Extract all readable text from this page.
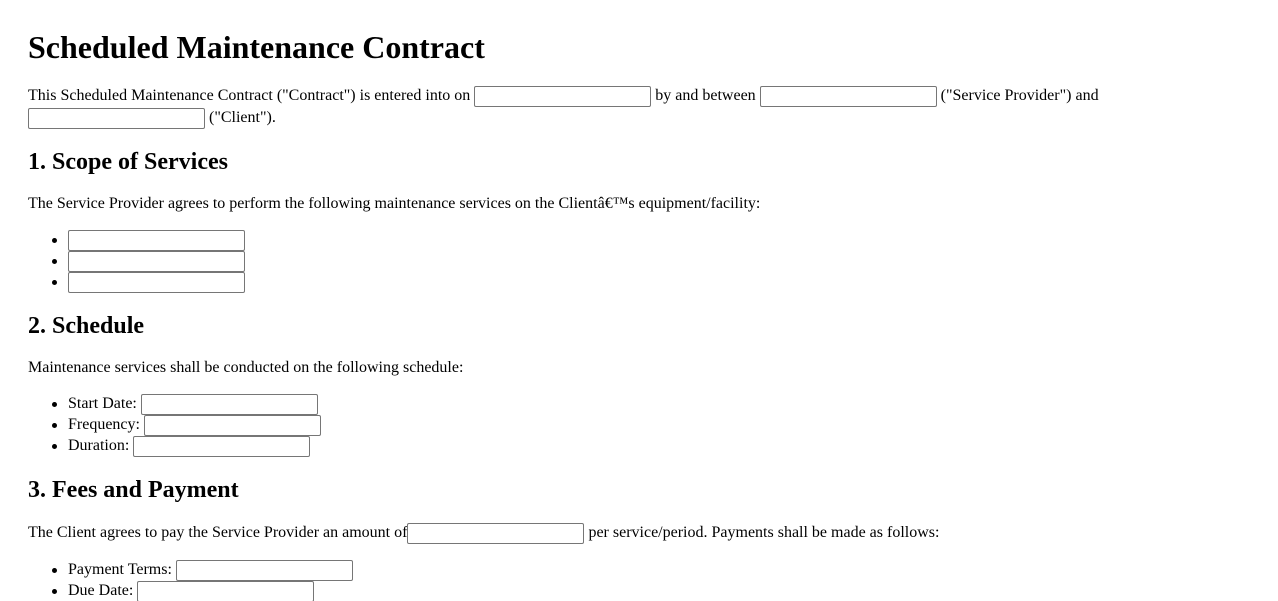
Scheduled Maintenance Contract

This Scheduled Maintenance Contract ("Contract") is entered into on	by and between	("Service Provider") and
("Client").

1. Scope of Services

The Service Provider agrees to perform the following maintenance services on the Clientâ€™s equipment/facility:

2. Schedule

Maintenance services shall be conducted on the following schedule:

Start Date:
Frequency:
Duration:
3. Fees and Payment

The Client agrees to pay the Service Provider an amount of	per service/period. Payments shall be made as follows:

Payment Terms:
Due Date:
